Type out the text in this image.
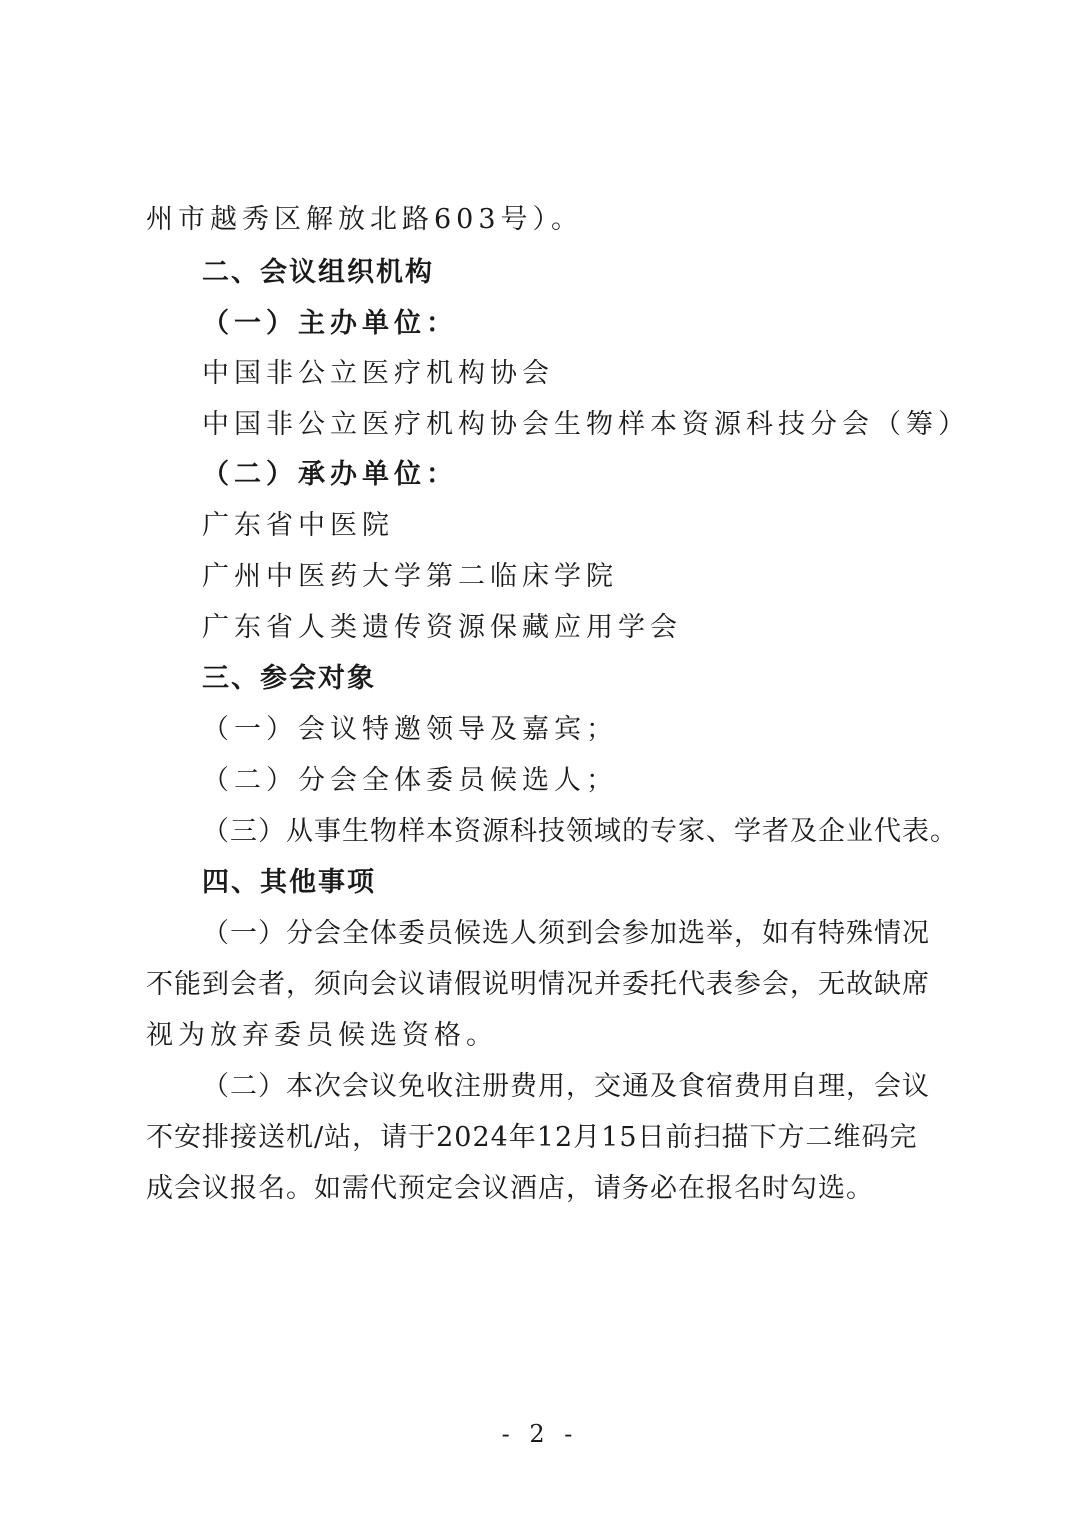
州市越秀区解放北路603号）。
二、会议组织机构
（一）主办单位：
中国非公立医疗机构协会
中国非公立医疗机构协会生物样本资源科技分会（筹）
（二）承办单位：
广东省中医院
广州中医药大学第二临床学院
广东省人类遗传资源保藏应用学会
三、参会对象
（一）会议特邀领导及嘉宾；
（二）分会全体委员候选人；
（三）从事生物样本资源科技领域的专家、学者及企业代表。
四、其他事项
（一）分会全体委员候选人须到会参加选举，如有特殊情况
不能到会者，须向会议请假说明情况并委托代表参会，无故缺席
视为放弃委员候选资格。
（二）本次会议免收注册费用，交通及食宿费用自理，会议
不安排接送机/站，请于2024年12月15日前扫描下方二维码完
成会议报名。如需代预定会议酒店，请务必在报名时勾选。
- 2 -
